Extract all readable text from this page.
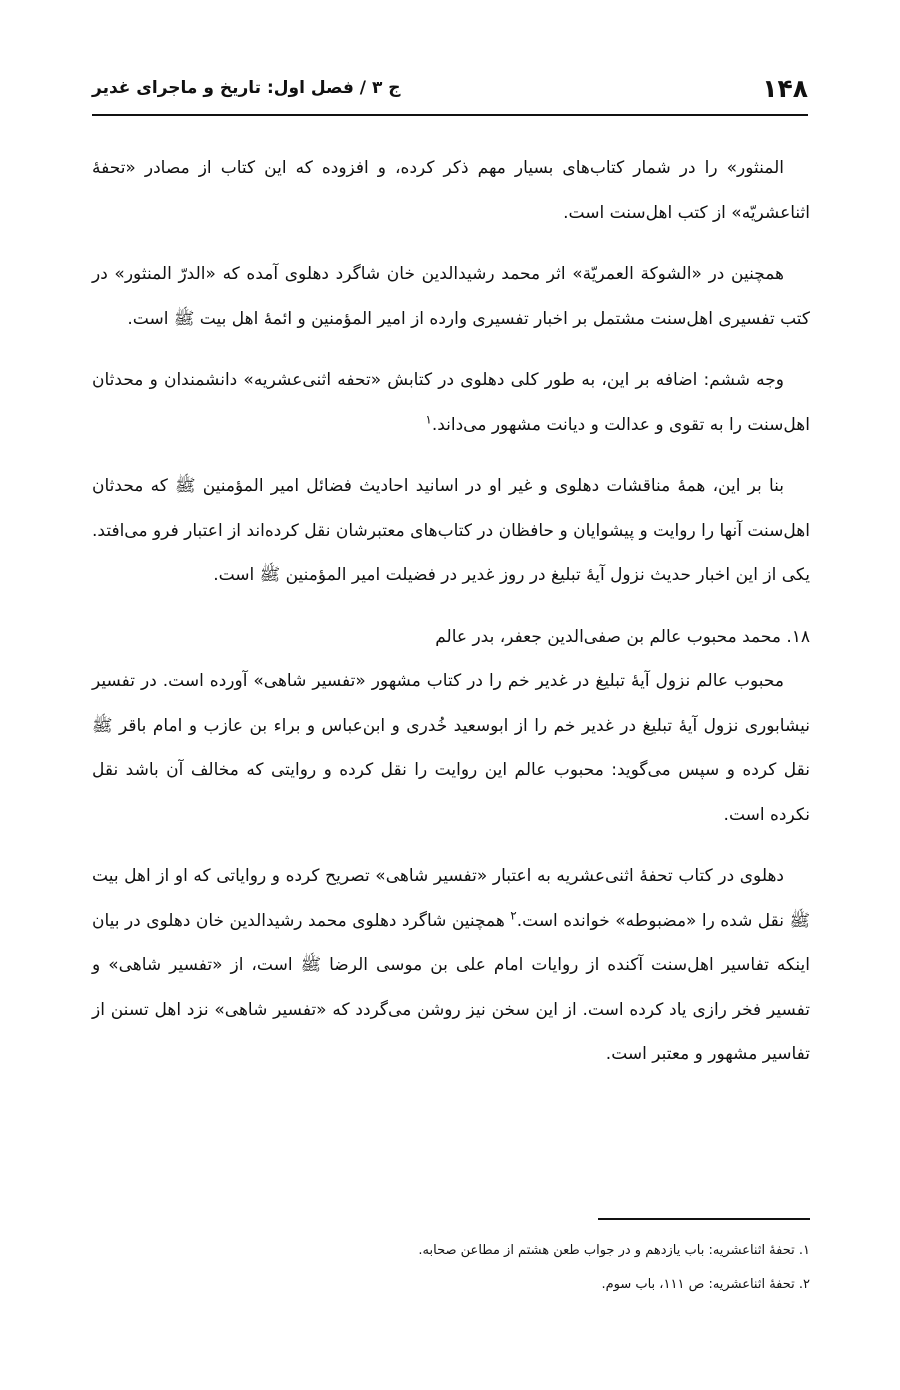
۱۴۸
ج ۳ / فصل اول: تاریخ و ماجرای غدیر

المنثور» را در شمار کتاب‌های بسیار مهم ذکر کرده، و افزوده که این کتاب از مصادر «تحفهٔ اثناعشریّه» از کتب اهل‌سنت است.

همچنین در «الشوکة العمریّة» اثر محمد رشیدالدین خان شاگرد دهلوی آمده که «الدرّ المنثور» در کتب تفسیری اهل‌سنت مشتمل بر اخبار تفسیری وارده از امیر المؤمنین و ائمهٔ اهل بیت ﷺ است.

وجه ششم: اضافه بر این، به طور کلی دهلوی در کتابش «تحفه اثنی‌عشریه» دانشمندان و محدثان اهل‌سنت را به تقوی و عدالت و دیانت مشهور می‌داند.$^۱$

بنا بر این، همهٔ مناقشات دهلوی و غیر او در اسانید احادیث فضائل امیر المؤمنین ﷺ که محدثان اهل‌سنت آنها را روایت و پیشوایان و حافظان در کتاب‌های معتبرشان نقل کرده‌اند از اعتبار فرو می‌افتد. یکی از این اخبار حدیث نزول آیهٔ تبلیغ در روز غدیر در فضیلت امیر المؤمنین ﷺ است.

۱۸. محمد محبوب عالم بن صفی‌الدین جعفر، بدر عالم

محبوب عالم نزول آیهٔ تبلیغ در غدیر خم را در کتاب مشهور «تفسیر شاهی» آورده است. در تفسیر نیشابوری نزول آیهٔ تبلیغ در غدیر خم را از ابوسعید خُدری و ابن‌عباس و براء بن عازب و امام باقر ﷺ نقل کرده و سپس می‌گوید: محبوب عالم این روایت را نقل کرده و روایتی که مخالف آن باشد نقل نکرده است.

دهلوی در کتاب تحفهٔ اثنی‌عشریه به اعتبار «تفسیر شاهی» تصریح کرده و روایاتی که او از اهل بیت ﷺ نقل شده را «مضبوطه» خوانده است.$^۲$ همچنین شاگرد دهلوی محمد رشیدالدین خان دهلوی در بیان اینکه تفاسیر اهل‌سنت آکنده از روایات امام علی بن موسی الرضا ﷺ است، از «تفسیر شاهی» و تفسیر فخر رازی یاد کرده است. از این سخن نیز روشن می‌گردد که «تفسیر شاهی» نزد اهل تسنن از تفاسیر مشهور و معتبر است.

۱. تحفهٔ اثناعشریه: باب یازدهم و در جواب طعن هشتم از مطاعن صحابه.
۲. تحفهٔ اثناعشریه: ص ۱۱۱، باب سوم.
